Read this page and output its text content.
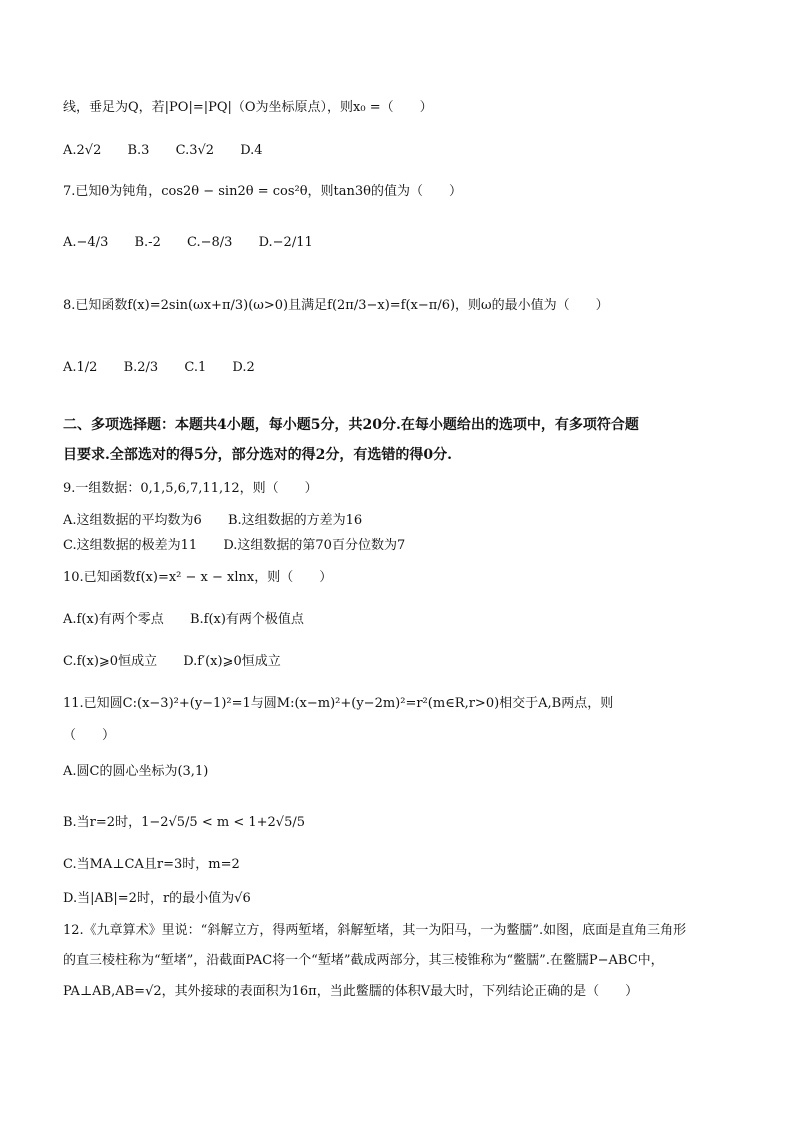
线，垂足为Q，若|PO|=|PQ|（O为坐标原点），则x₀ =（　　）
A.2√2 B.3 C.3√2 D.4
7.已知θ为钝角，cos2θ − sin2θ = cos²θ，则tan3θ的值为（　　）
A.−4/3 B.-2 C.−8/3 D.−2/11
8.已知函数f(x)=2sin(ωx+π/3)(ω>0)且满足f(2π/3−x)=f(x−π/6)，则ω的最小值为（　　）
A.1/2 B.2/3 C.1 D.2
二、多项选择题：本题共4小题，每小题5分，共20分.在每小题给出的选项中，有多项符合题
目要求.全部选对的得5分，部分选对的得2分，有选错的得0分.
9.一组数据：0,1,5,6,7,11,12，则（　　）
A.这组数据的平均数为6 B.这组数据的方差为16
C.这组数据的极差为11 D.这组数据的第70百分位数为7
10.已知函数f(x)=x² − x − xlnx，则（　　）
A.f(x)有两个零点 B.f(x)有两个极值点
C.f(x)⩾0恒成立 D.f′(x)⩾0恒成立
11.已知圆C:(x−3)²+(y−1)²=1与圆M:(x−m)²+(y−2m)²=r²(m∈R,r>0)相交于A,B两点，则
（　　）
A.圆C的圆心坐标为(3,1)
B.当r=2时，1−2√5/5 < m < 1+2√5/5
C.当MA⊥CA且r=3时，m=2
D.当|AB|=2时，r的最小值为√6
12.《九章算术》里说：“斜解立方，得两堑堵，斜解堑堵，其一为阳马，一为鳖臑”.如图，底面是直角三角形
的直三棱柱称为“堑堵”，沿截面PAC将一个“堑堵”截成两部分，其三棱锥称为“鳖臑”.在鳖臑P−ABC中，
PA⊥AB,AB=√2，其外接球的表面积为16π，当此鳖臑的体积V最大时，下列结论正确的是（　　）
